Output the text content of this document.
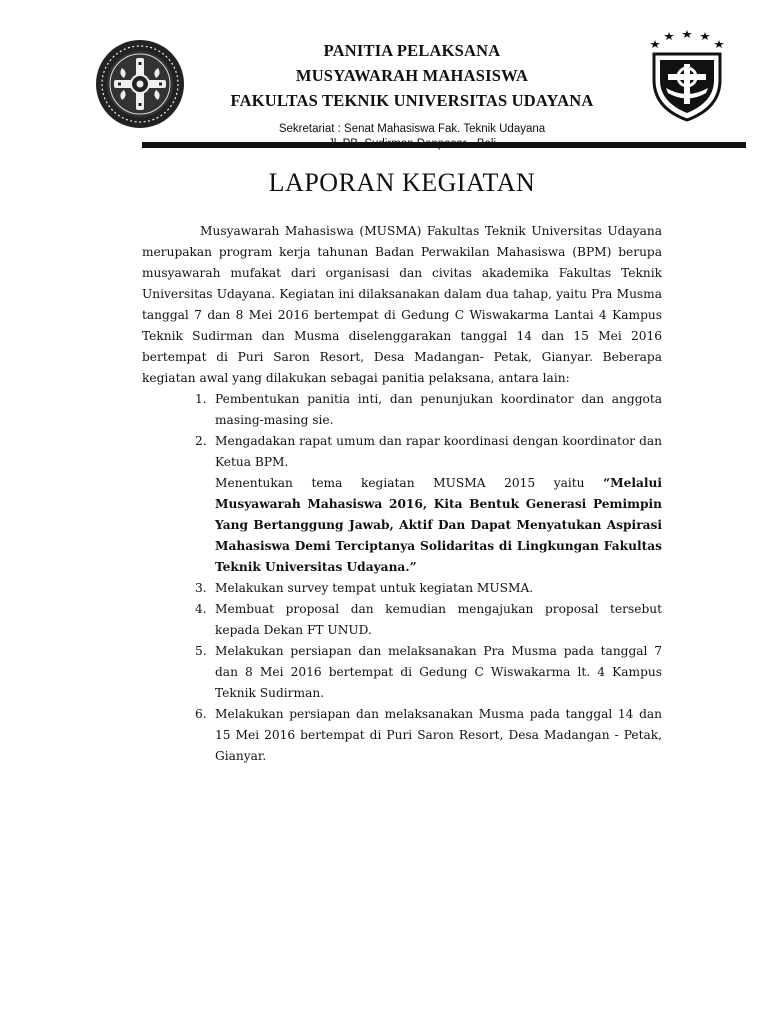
PANITIA PELAKSANA
MUSYAWARAH MAHASISWA
FAKULTAS TEKNIK UNIVERSITAS UDAYANA
Sekretariat : Senat Mahasiswa Fak. Teknik Udayana
LAPORAN KEGIATAN

Musyawarah Mahasiswa (MUSMA) Fakultas Teknik Universitas Udayana merupakan program kerja tahunan Badan Perwakilan Mahasiswa (BPM) berupa musyawarah mufakat dari organisasi dan civitas akademika Fakultas Teknik Universitas Udayana. Kegiatan ini dilaksanakan dalam dua tahap, yaitu Pra Musma tanggal 7 dan 8 Mei 2016 bertempat di Gedung C Wiswakarma Lantai 4 Kampus Teknik Sudirman dan Musma diselenggarakan tanggal 14 dan 15 Mei 2016 bertempat di Puri Saron Resort, Desa Madangan- Petak, Gianyar. Beberapa kegiatan awal yang dilakukan sebagai panitia pelaksana, antara lain:

1. Pembentukan panitia inti, dan penunjukan koordinator dan anggota masing-masing sie.
2. Mengadakan rapat umum dan rapar koordinasi dengan koordinator dan Ketua BPM.
Menentukan tema kegiatan MUSMA 2015 yaitu “Melalui Musyawarah Mahasiswa 2016, Kita Bentuk Generasi Pemimpin Yang Bertanggung Jawab, Aktif Dan Dapat Menyatukan Aspirasi Mahasiswa Demi Terciptanya Solidaritas di Lingkungan Fakultas Teknik Universitas Udayana.”
3. Melakukan survey tempat untuk kegiatan MUSMA.
4. Membuat proposal dan kemudian mengajukan proposal tersebut kepada Dekan FT UNUD.
5. Melakukan persiapan dan melaksanakan Pra Musma pada tanggal 7 dan 8 Mei 2016 bertempat di Gedung C Wiswakarma lt. 4 Kampus Teknik Sudirman.
6. Melakukan persiapan dan melaksanakan Musma pada tanggal 14 dan 15 Mei 2016 bertempat di Puri Saron Resort, Desa Madangan - Petak, Gianyar.
